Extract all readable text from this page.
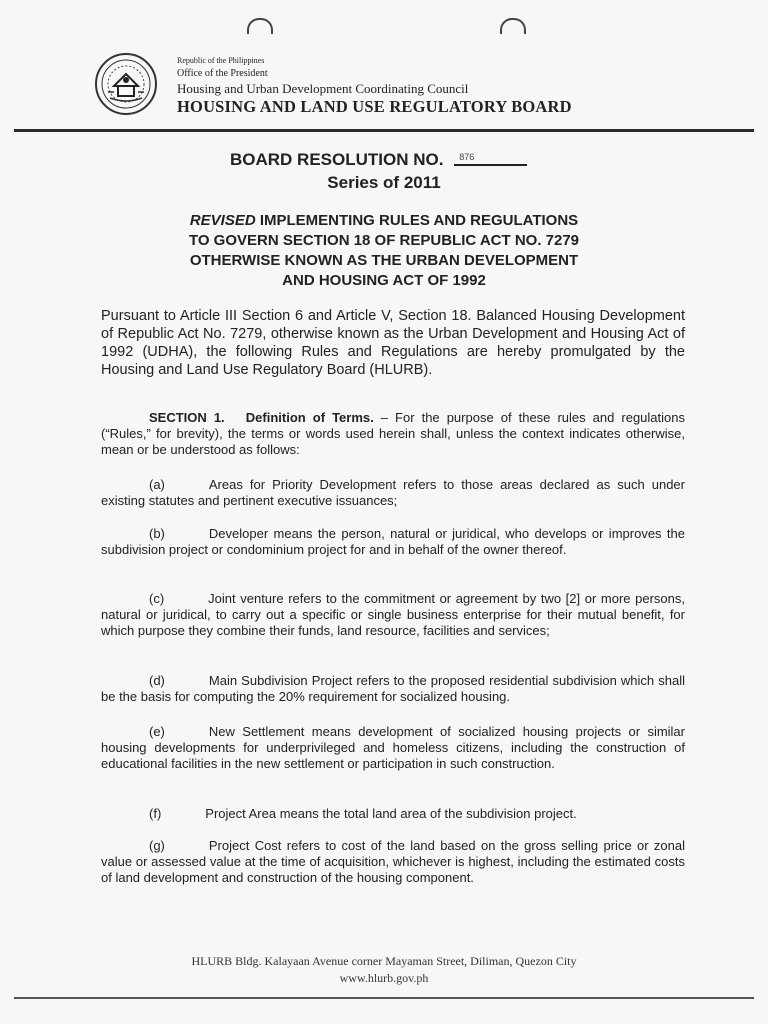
Republic of the Philippines
Office of the President
Housing and Urban Development Coordinating Council
HOUSING AND LAND USE REGULATORY BOARD
BOARD RESOLUTION NO. 876
Series of 2011
REVISED IMPLEMENTING RULES AND REGULATIONS
TO GOVERN SECTION 18 OF REPUBLIC ACT NO. 7279
OTHERWISE KNOWN AS THE URBAN DEVELOPMENT
AND HOUSING ACT OF 1992
Pursuant to Article III Section 6 and Article V, Section 18. Balanced Housing Development of Republic Act No. 7279, otherwise known as the Urban Development and Housing Act of 1992 (UDHA), the following Rules and Regulations are hereby promulgated by the Housing and Land Use Regulatory Board (HLURB).
SECTION 1. Definition of Terms. – For the purpose of these rules and regulations (“Rules,” for brevity), the terms or words used herein shall, unless the context indicates otherwise, mean or be understood as follows:
(a)	Areas for Priority Development refers to those areas declared as such under existing statutes and pertinent executive issuances;
(b)	Developer means the person, natural or juridical, who develops or improves the subdivision project or condominium project for and in behalf of the owner thereof.
(c)	Joint venture refers to the commitment or agreement by two [2] or more persons, natural or juridical, to carry out a specific or single business enterprise for their mutual benefit, for which purpose they combine their funds, land resource, facilities and services;
(d)	Main Subdivision Project refers to the proposed residential subdivision which shall be the basis for computing the 20% requirement for socialized housing.
(e)	New Settlement means development of socialized housing projects or similar housing developments for underprivileged and homeless citizens, including the construction of educational facilities in the new settlement or participation in such construction.
(f)	Project Area means the total land area of the subdivision project.
(g)	Project Cost refers to cost of the land based on the gross selling price or zonal value or assessed value at the time of acquisition, whichever is highest, including the estimated costs of land development and construction of the housing component.
HLURB Bldg. Kalayaan Avenue corner Mayaman Street, Diliman, Quezon City
www.hlurb.gov.ph
